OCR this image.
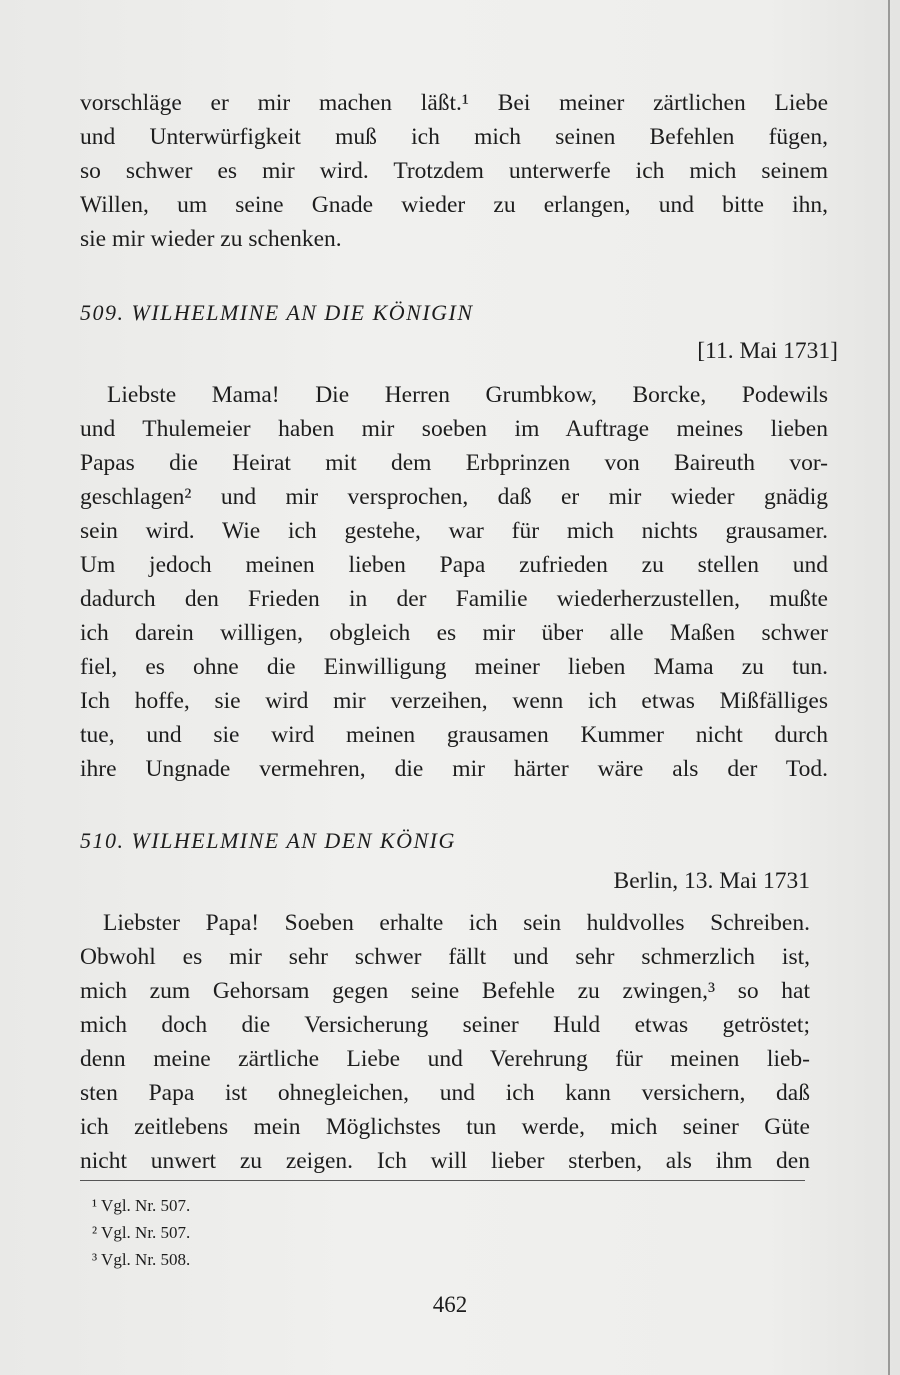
vorschläge er mir machen läßt.¹ Bei meiner zärtlichen Liebe
und Unterwürfigkeit muß ich mich seinen Befehlen fügen,
so schwer es mir wird. Trotzdem unterwerfe ich mich seinem
Willen, um seine Gnade wieder zu erlangen, und bitte ihn,
sie mir wieder zu schenken.
509. WILHELMINE AN DIE KÖNIGIN
[11. Mai 1731]
Liebste Mama! Die Herren Grumbkow, Borcke, Podewils
und Thulemeier haben mir soeben im Auftrage meines lieben
Papas die Heirat mit dem Erbprinzen von Baireuth vor-
geschlagen² und mir versprochen, daß er mir wieder gnädig
sein wird. Wie ich gestehe, war für mich nichts grausamer.
Um jedoch meinen lieben Papa zufrieden zu stellen und
dadurch den Frieden in der Familie wiederherzustellen, mußte
ich darein willigen, obgleich es mir über alle Maßen schwer
fiel, es ohne die Einwilligung meiner lieben Mama zu tun.
Ich hoffe, sie wird mir verzeihen, wenn ich etwas Mißfälliges
tue, und sie wird meinen grausamen Kummer nicht durch
ihre Ungnade vermehren, die mir härter wäre als der Tod.
510. WILHELMINE AN DEN KÖNIG
Berlin, 13. Mai 1731
Liebster Papa! Soeben erhalte ich sein huldvolles Schreiben.
Obwohl es mir sehr schwer fällt und sehr schmerzlich ist,
mich zum Gehorsam gegen seine Befehle zu zwingen,³ so hat
mich doch die Versicherung seiner Huld etwas getröstet;
denn meine zärtliche Liebe und Verehrung für meinen lieb-
sten Papa ist ohnegleichen, und ich kann versichern, daß
ich zeitlebens mein Möglichstes tun werde, mich seiner Güte
nicht unwert zu zeigen. Ich will lieber sterben, als ihm den
¹ Vgl. Nr. 507.
² Vgl. Nr. 507.
³ Vgl. Nr. 508.
462
